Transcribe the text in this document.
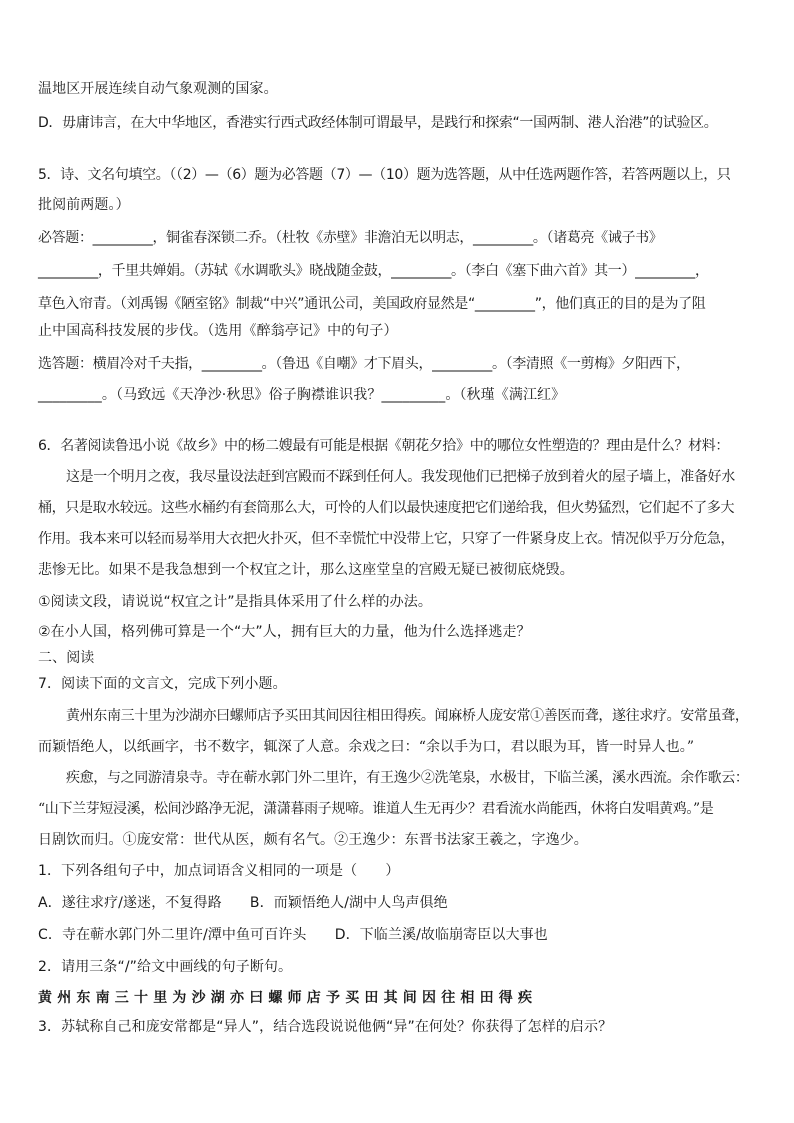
温地区开展连续自动气象观测的国家。
D．毋庸讳言，在大中华地区，香港实行西式政经体制可谓最早，是践行和探索“一国两制、港人治港”的试验区。
5．诗、文名句填空。（（2）—（6）题为必答题（7）—（10）题为选答题，从中任选两题作答，若答两题以上，只
批阅前两题。）
必答题：_________，铜雀春深锁二乔。（杜牧《赤壁》非澹泊无以明志，_________。（诸葛亮《诫子书》
_________，千里共婵娟。（苏轼《水调歌头》晓战随金鼓，_________。（李白《塞下曲六首》其一）_________，
草色入帘青。（刘禹锡《陋室铭》制裁“中兴”通讯公司，美国政府显然是“_________”，他们真正的目的是为了阻
止中国高科技发展的步伐。（选用《醉翁亭记》中的句子）
选答题：横眉冷对千夫指，_________。（鲁迅《自嘲》才下眉头，_________。（李清照《一剪梅》夕阳西下，
_________。（马致远《天净沙·秋思》俗子胸襟谁识我？_________。（秋瑾《满江红》
6．名著阅读鲁迅小说《故乡》中的杨二嫂最有可能是根据《朝花夕拾》中的哪位女性塑造的？理由是什么？材料：
这是一个明月之夜，我尽量设法赶到宫殿而不踩到任何人。我发现他们已把梯子放到着火的屋子墙上，准备好水
桶，只是取水较远。这些水桶约有套筒那么大，可怜的人们以最快速度把它们递给我，但火势猛烈，它们起不了多大
作用。我本来可以轻而易举用大衣把火扑灭，但不幸慌忙中没带上它，只穿了一件紧身皮上衣。情况似乎万分危急，
悲惨无比。如果不是我急想到一个权宜之计，那么这座堂皇的宫殿无疑已被彻底烧毁。
①阅读文段，请说说“权宜之计”是指具体采用了什么样的办法。
②在小人国，格列佛可算是一个“大”人，拥有巨大的力量，他为什么选择逃走？
二、阅读
7．阅读下面的文言文，完成下列小题。
黄州东南三十里为沙湖亦曰螺师店予买田其间因往相田得疾。闻麻桥人庞安常①善医而聋，遂往求疗。安常虽聋，
而颖悟绝人，以纸画字，书不数字，辄深了人意。余戏之曰：“余以手为口，君以眼为耳，皆一时异人也。”
疾愈，与之同游清泉寺。寺在蕲水郭门外二里许，有王逸少②洗笔泉，水极甘，下临兰溪，溪水西流。余作歌云：
“山下兰芽短浸溪，松间沙路净无泥，潇潇暮雨子规啼。谁道人生无再少？君看流水尚能西，休将白发唱黄鸡。”是
日剧饮而归。①庞安常：世代从医，颇有名气。②王逸少：东晋书法家王羲之，字逸少。
1．下列各组句子中，加点词语含义相同的一项是（　　）
A．遂往求疗/遂迷，不复得路　　B．而颖悟绝人/湖中人鸟声俱绝
C．寺在蕲水郭门外二里许/潭中鱼可百许头　　D．下临兰溪/故临崩寄臣以大事也
2．请用三条“/”给文中画线的句子断句。
黄州东南三十里为沙湖亦曰螺师店予买田其间因往相田得疾
3．苏轼称自己和庞安常都是“异人”，结合选段说说他俩“异”在何处？你获得了怎样的启示？
